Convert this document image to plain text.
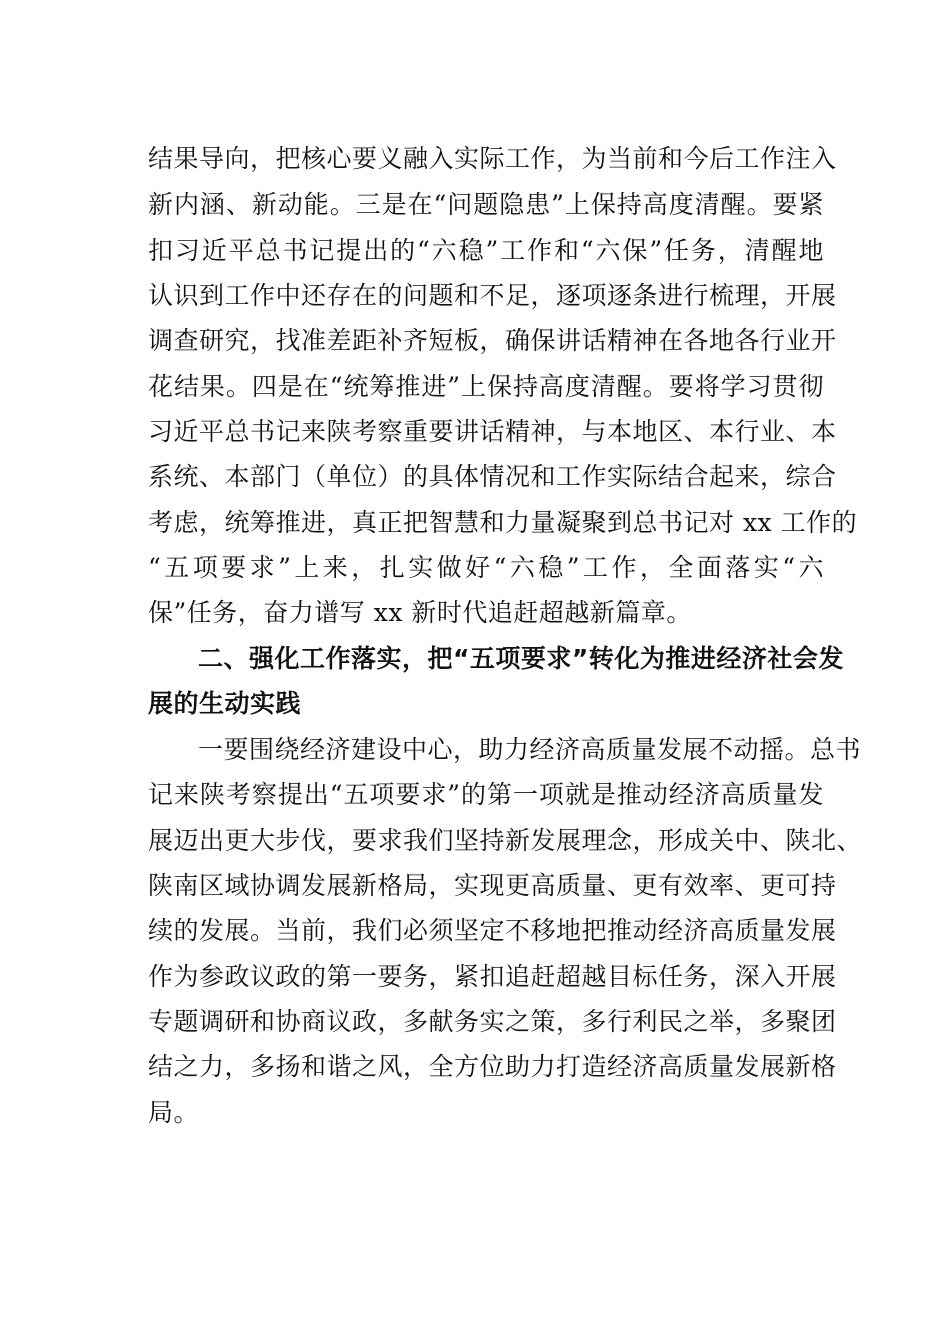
结果导向，把核心要义融入实际工作，为当前和今后工作注入
新内涵、新动能。三是在“问题隐患”上保持高度清醒。要紧
扣习近平总书记提出的“六稳”工作和“六保”任务，清醒地
认识到工作中还存在的问题和不足，逐项逐条进行梳理，开展
调查研究，找准差距补齐短板，确保讲话精神在各地各行业开
花结果。四是在“统筹推进”上保持高度清醒。要将学习贯彻
习近平总书记来陕考察重要讲话精神，与本地区、本行业、本
系统、本部门（单位）的具体情况和工作实际结合起来，综合
考虑，统筹推进，真正把智慧和力量凝聚到总书记对 xx 工作的
“五项要求”上来，扎实做好“六稳”工作，全面落实“六
保”任务，奋力谱写 xx 新时代追赶超越新篇章。
二、强化工作落实，把“五项要求”转化为推进经济社会发
展的生动实践
一要围绕经济建设中心，助力经济高质量发展不动摇。总书
记来陕考察提出“五项要求”的第一项就是推动经济高质量发
展迈出更大步伐，要求我们坚持新发展理念，形成关中、陕北、
陕南区域协调发展新格局，实现更高质量、更有效率、更可持
续的发展。当前，我们必须坚定不移地把推动经济高质量发展
作为参政议政的第一要务，紧扣追赶超越目标任务，深入开展
专题调研和协商议政，多献务实之策，多行利民之举，多聚团
结之力，多扬和谐之风，全方位助力打造经济高质量发展新格
局。
